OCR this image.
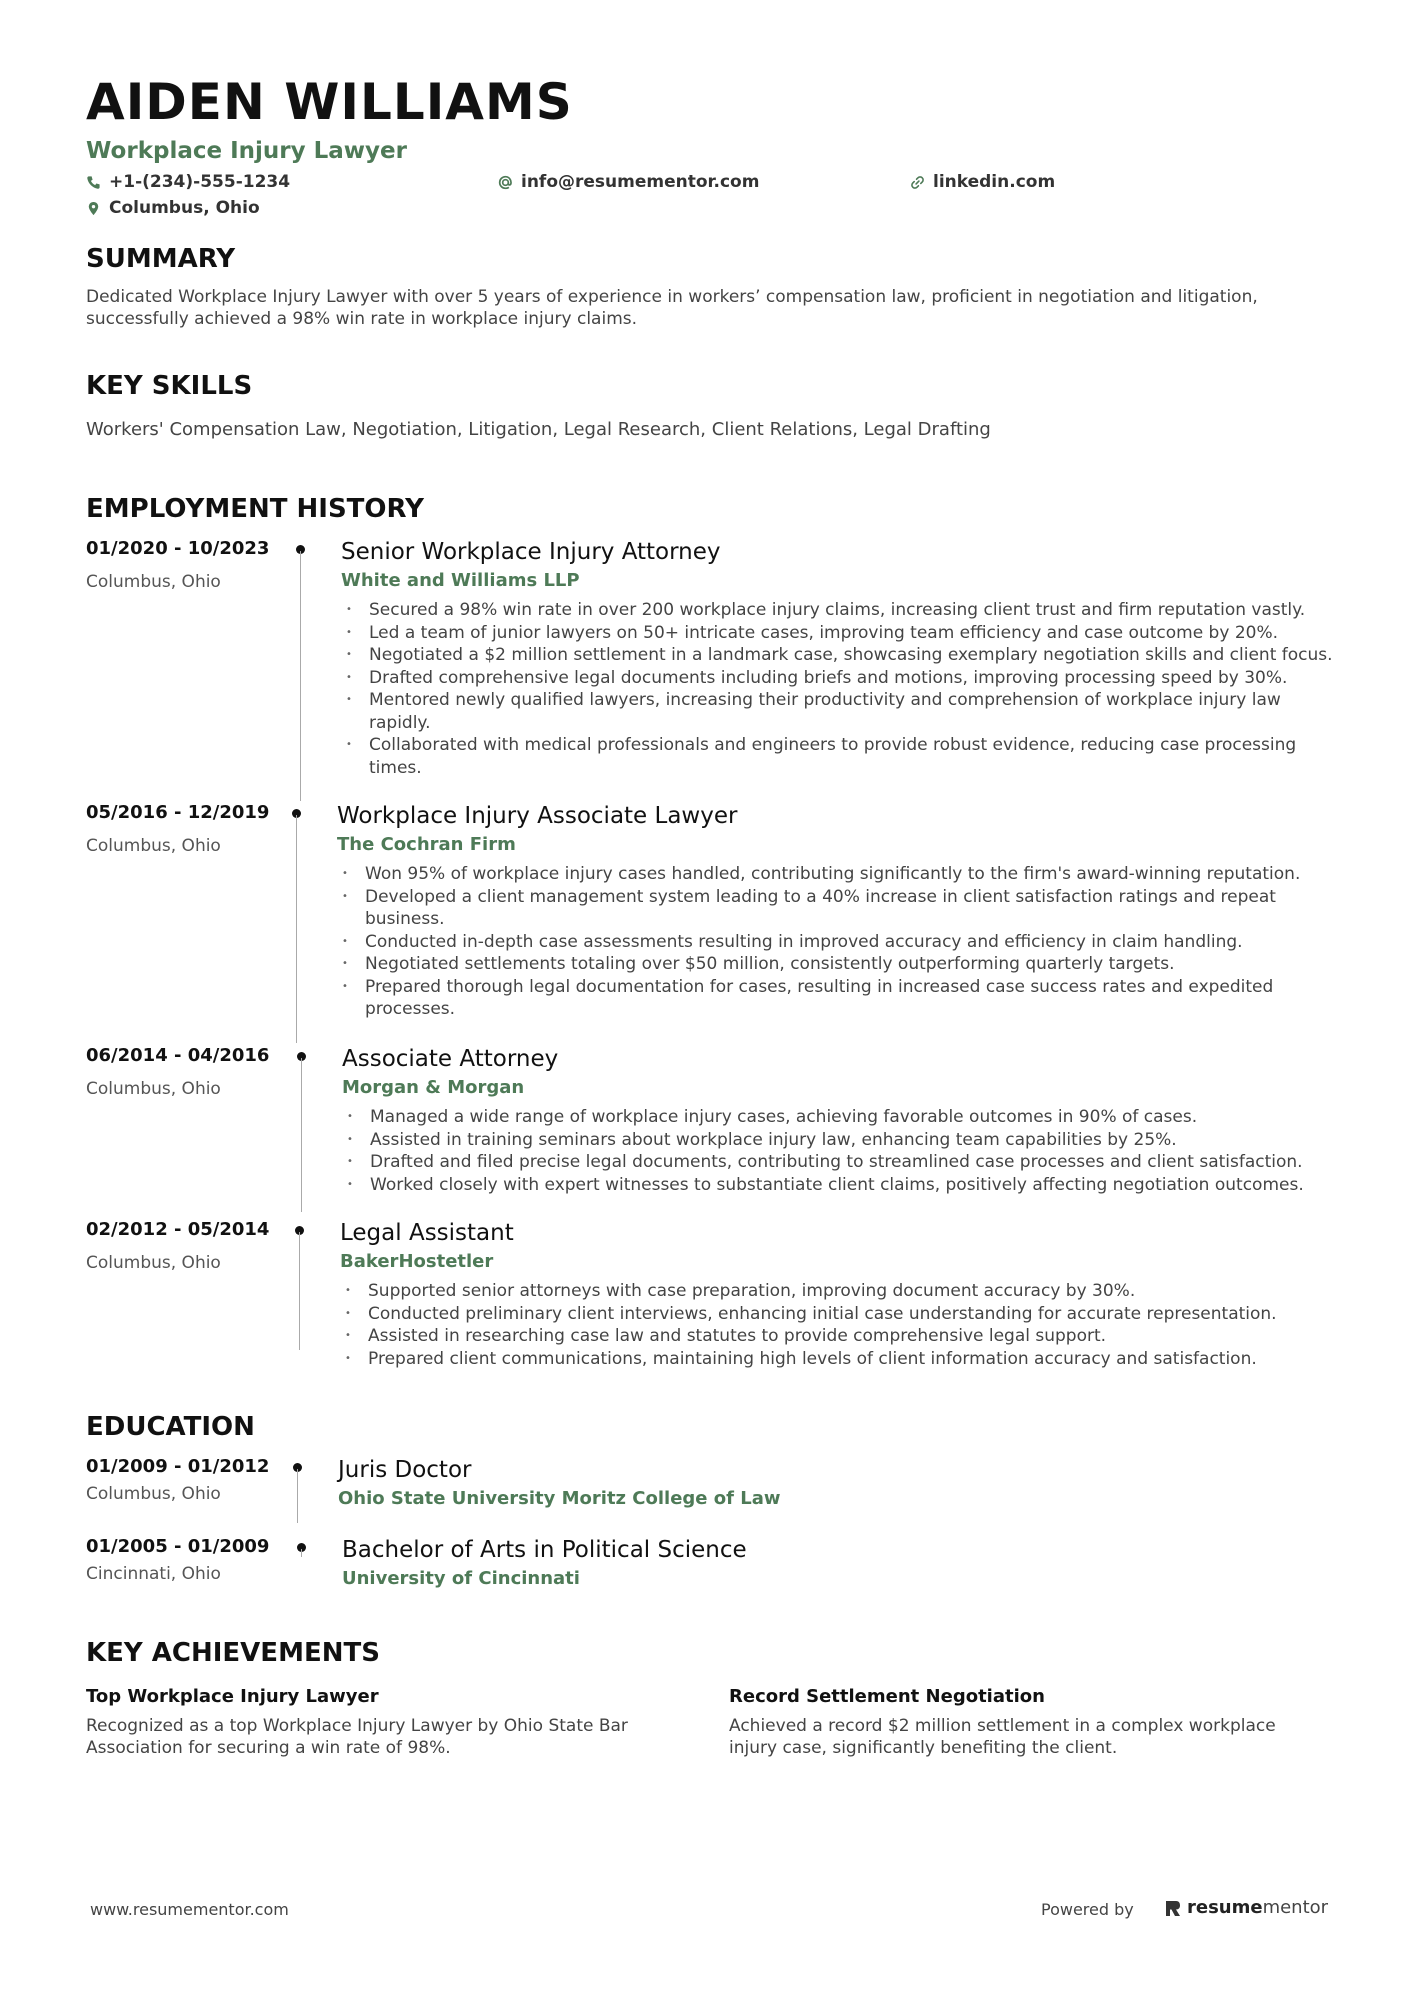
AIDEN WILLIAMS
Workplace Injury Lawyer
+1-(234)-555-1234	info@resumementor.com	linkedin.com
Columbus, Ohio
SUMMARY
Dedicated Workplace Injury Lawyer with over 5 years of experience in workers’ compensation law, proficient in negotiation and litigation, successfully achieved a 98% win rate in workplace injury claims.
KEY SKILLS
Workers' Compensation Law, Negotiation, Litigation, Legal Research, Client Relations, Legal Drafting
EMPLOYMENT HISTORY
01/2020 - 10/2023
Columbus, Ohio
Senior Workplace Injury Attorney
White and Williams LLP
• Secured a 98% win rate in over 200 workplace injury claims, increasing client trust and firm reputation vastly.
• Led a team of junior lawyers on 50+ intricate cases, improving team efficiency and case outcome by 20%.
• Negotiated a $2 million settlement in a landmark case, showcasing exemplary negotiation skills and client focus.
• Drafted comprehensive legal documents including briefs and motions, improving processing speed by 30%.
• Mentored newly qualified lawyers, increasing their productivity and comprehension of workplace injury law rapidly.
• Collaborated with medical professionals and engineers to provide robust evidence, reducing case processing times.
05/2016 - 12/2019
Columbus, Ohio
Workplace Injury Associate Lawyer
The Cochran Firm
• Won 95% of workplace injury cases handled, contributing significantly to the firm's award-winning reputation.
• Developed a client management system leading to a 40% increase in client satisfaction ratings and repeat business.
• Conducted in-depth case assessments resulting in improved accuracy and efficiency in claim handling.
• Negotiated settlements totaling over $50 million, consistently outperforming quarterly targets.
• Prepared thorough legal documentation for cases, resulting in increased case success rates and expedited processes.
06/2014 - 04/2016
Columbus, Ohio
Associate Attorney
Morgan & Morgan
• Managed a wide range of workplace injury cases, achieving favorable outcomes in 90% of cases.
• Assisted in training seminars about workplace injury law, enhancing team capabilities by 25%.
• Drafted and filed precise legal documents, contributing to streamlined case processes and client satisfaction.
• Worked closely with expert witnesses to substantiate client claims, positively affecting negotiation outcomes.
02/2012 - 05/2014
Columbus, Ohio
Legal Assistant
BakerHostetler
• Supported senior attorneys with case preparation, improving document accuracy by 30%.
• Conducted preliminary client interviews, enhancing initial case understanding for accurate representation.
• Assisted in researching case law and statutes to provide comprehensive legal support.
• Prepared client communications, maintaining high levels of client information accuracy and satisfaction.
EDUCATION
01/2009 - 01/2012
Columbus, Ohio
Juris Doctor
Ohio State University Moritz College of Law
01/2005 - 01/2009
Cincinnati, Ohio
Bachelor of Arts in Political Science
University of Cincinnati
KEY ACHIEVEMENTS
Top Workplace Injury Lawyer
Recognized as a top Workplace Injury Lawyer by Ohio State Bar Association for securing a win rate of 98%.
Record Settlement Negotiation
Achieved a record $2 million settlement in a complex workplace injury case, significantly benefiting the client.
www.resumementor.com	Powered by	resume mentor
